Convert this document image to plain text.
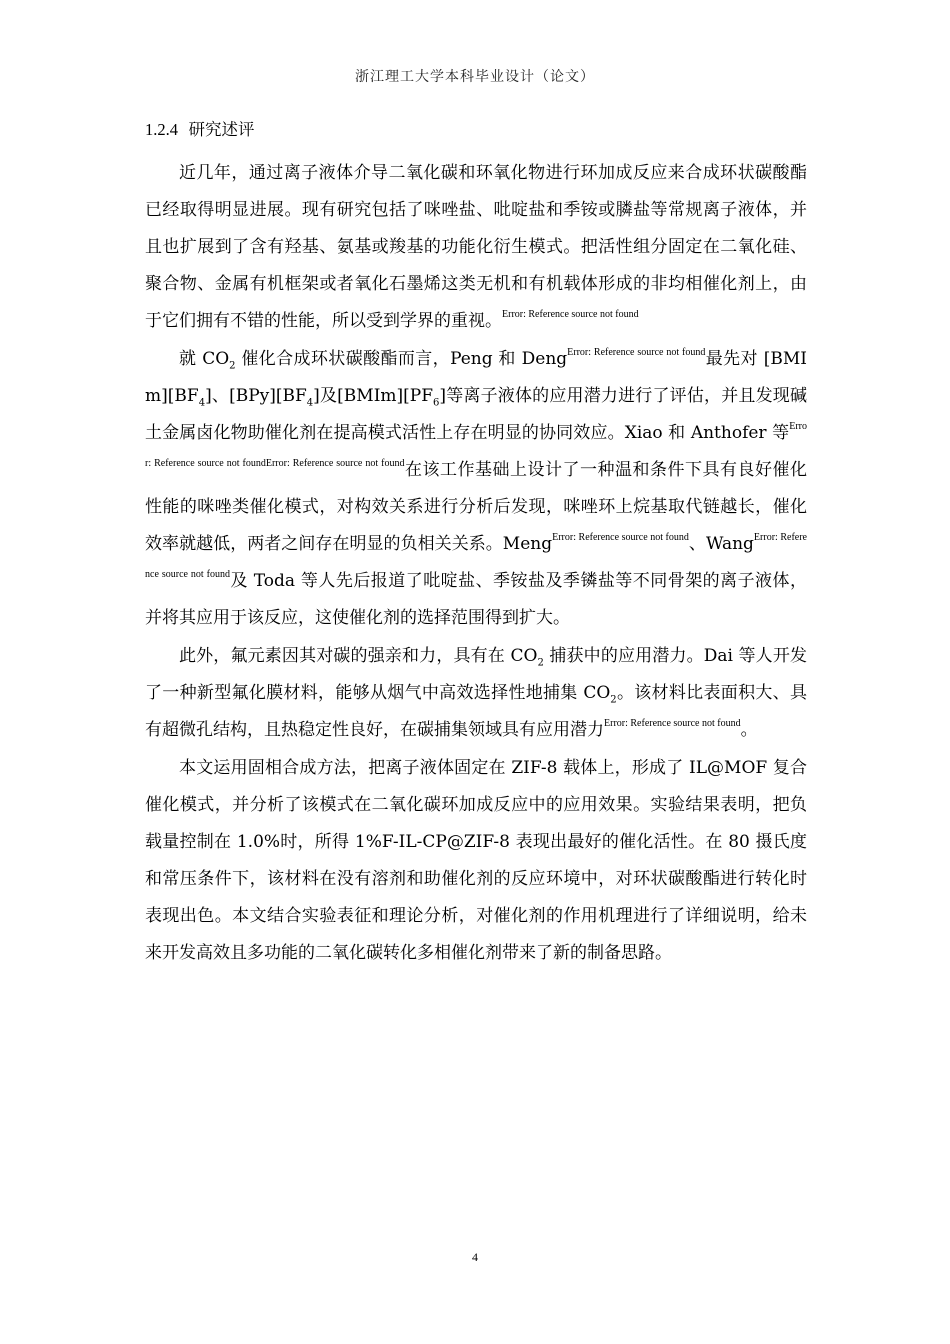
浙江理工大学本科毕业设计（论文）
1.2.4 研究述评

近几年，通过离子液体介导二氧化碳和环氧化物进行环加成反应来合成环状碳酸酯已经取得明显进展。现有研究包括了咪唑盐、吡啶盐和季铵或膦盐等常规离子液体，并且也扩展到了含有羟基、氨基或羧基的功能化衍生模式。把活性组分固定在二氧化硅、聚合物、金属有机框架或者氧化石墨烯这类无机和有机载体形成的非均相催化剂上，由于它们拥有不错的性能，所以受到学界的重视。$^{Error: Reference source not found}$

就 $CO_2$ 催化合成环状碳酸酯而言，Peng 和 Deng$^{Error: Reference source not found}$最先对 $[BMIm][BF_4]$、$[BPy][BF_4]$及$[BMIm][PF_6]$等离子液体的应用潜力进行了评估，并且发现碱土金属卤化物助催化剂在提高模式活性上存在明显的协同效应。Xiao 和 Anthofer 等$^{Error: Reference source not foundError: Reference source not found}$在该工作基础上设计了一种温和条件下具有良好催化性能的咪唑类催化模式，对构效关系进行分析后发现，咪唑环上烷基取代链越长，催化效率就越低，两者之间存在明显的负相关关系。Meng$^{Error: Reference source not found}$、Wang$^{Error: Reference source not found}$及 Toda 等人先后报道了吡啶盐、季铵盐及季𬭸盐等不同骨架的离子液体，并将其应用于该反应，这使催化剂的选择范围得到扩大。

此外，氟元素因其对碳的强亲和力，具有在 $CO_2$ 捕获中的应用潜力。Dai 等人开发了一种新型氟化膜材料，能够从烟气中高效选择性地捕集 $CO_2$。该材料比表面积大、具有超微孔结构，且热稳定性良好，在碳捕集领域具有应用潜力$^{Error: Reference source not found}$。

本文运用固相合成方法，把离子液体固定在 ZIF-8 载体上，形成了 IL@MOF 复合催化模式，并分析了该模式在二氧化碳环加成反应中的应用效果。实验结果表明，把负载量控制在 1.0%时，所得 1%F-IL-CP@ZIF-8 表现出最好的催化活性。在 80 摄氏度和常压条件下，该材料在没有溶剂和助催化剂的反应环境中，对环状碳酸酯进行转化时表现出色。本文结合实验表征和理论分析，对催化剂的作用机理进行了详细说明，给未来开发高效且多功能的二氧化碳转化多相催化剂带来了新的制备思路。

4
